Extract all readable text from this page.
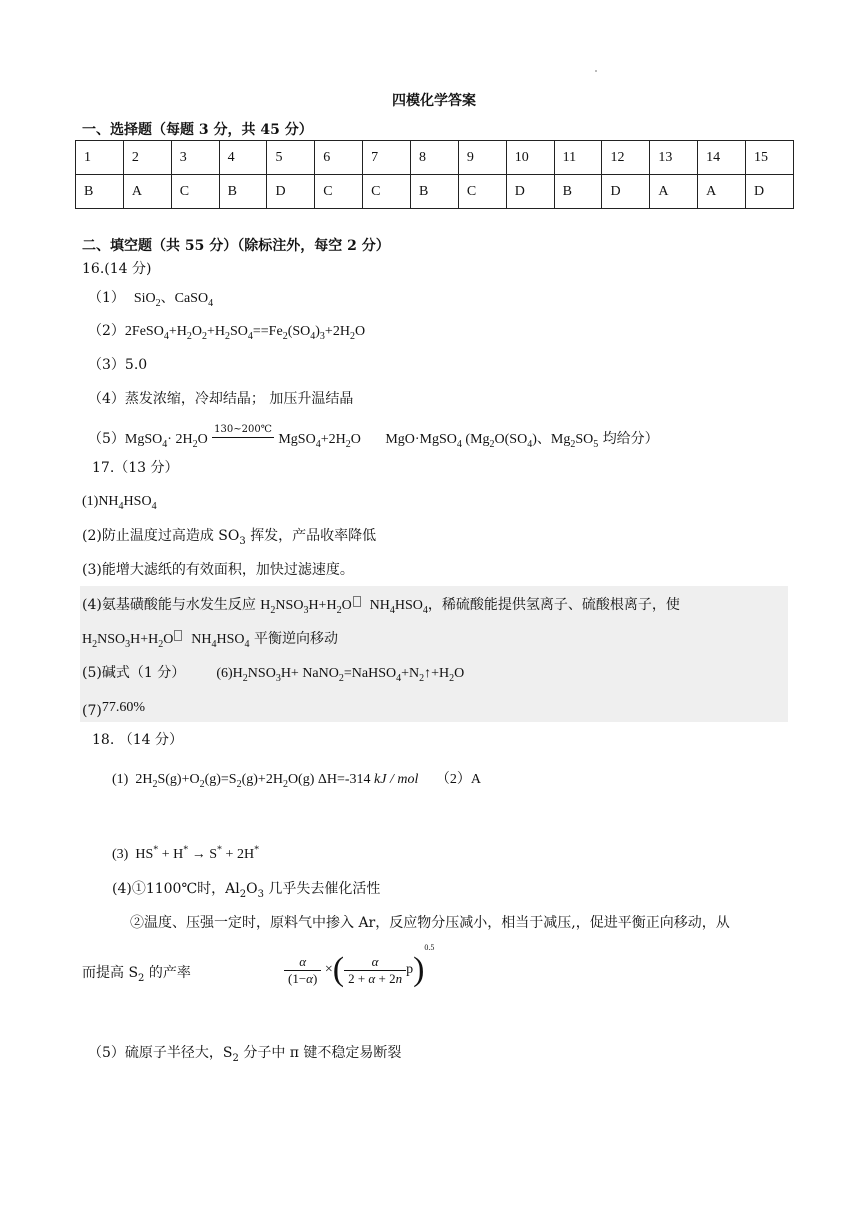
四模化学答案
一、选择题（每题 3 分，共 45 分）
1	2	3	4	5	6	7	8	9	10	11	12	13	14	15
B	A	C	B	D	C	C	B	C	D	B	D	A	A	D
二、填空题（共 55 分）（除标注外，每空 2 分）
16.(14 分)
（1） SiO$_2$、CaSO$_4$
$(2)2FeSO_4+H_2O_2+H_2SO_4==Fe_2(SO_4)_3+2H_2O$
（3）5.0
（4）蒸发浓缩，冷却结晶； 加压升温结晶
（5）MgSO$_4$· $2H_2O$
130~200℃

$MgSO_4+2H_2O$       MgO·MgSO$_4$ ($Mg_2O(SO_4)$、$Mg_2SO_5$ 均给分）
17.（13 分）
$(1)NH_4HSO_4$
(2)防止温度过高造成 $SO_3$ 挥发，产品收率降低
(3)能增大滤纸的有效面积，加快过滤速度。
(4)氨基磺酸能与水发生反应 $H_2NSO_3H+H_2O$ $NH_4HSO_4$，稀硫酸能提供氢离子、硫酸根离子，使
$H_2NSO_3H+H_2O$ $NH_4HSO_4$ 平衡逆向移动
(5)碱式（1 分） $(6)H_2NSO_3H+$ $NaNO_2=NaHSO_4+N_2↑+H_2O$
(7)77.60%
18. （14 分）
(1)  $2H_2S(g)+O_2(g)=S_2(g)+2H_2O(g)$ ΔH=-314 kJ / mol （2）A
(3)  HS* + H* → S* + 2H*
(4)①1100℃时，$Al_2O_3$ 几乎失去催化活性
②温度、压强一定时，原料气中掺入 Ar，反应物分压减小，相当于减压,，促进平衡正向移动，从
而提高 $S_2$ 的产率	$\frac{\alpha}{(1-\alpha)}$ ×( $\frac{\alpha}{2 + \alpha + 2n} p)^{0.5}$
（5）硫原子半径大，$S_2$ 分子中 π 键不稳定易断裂
